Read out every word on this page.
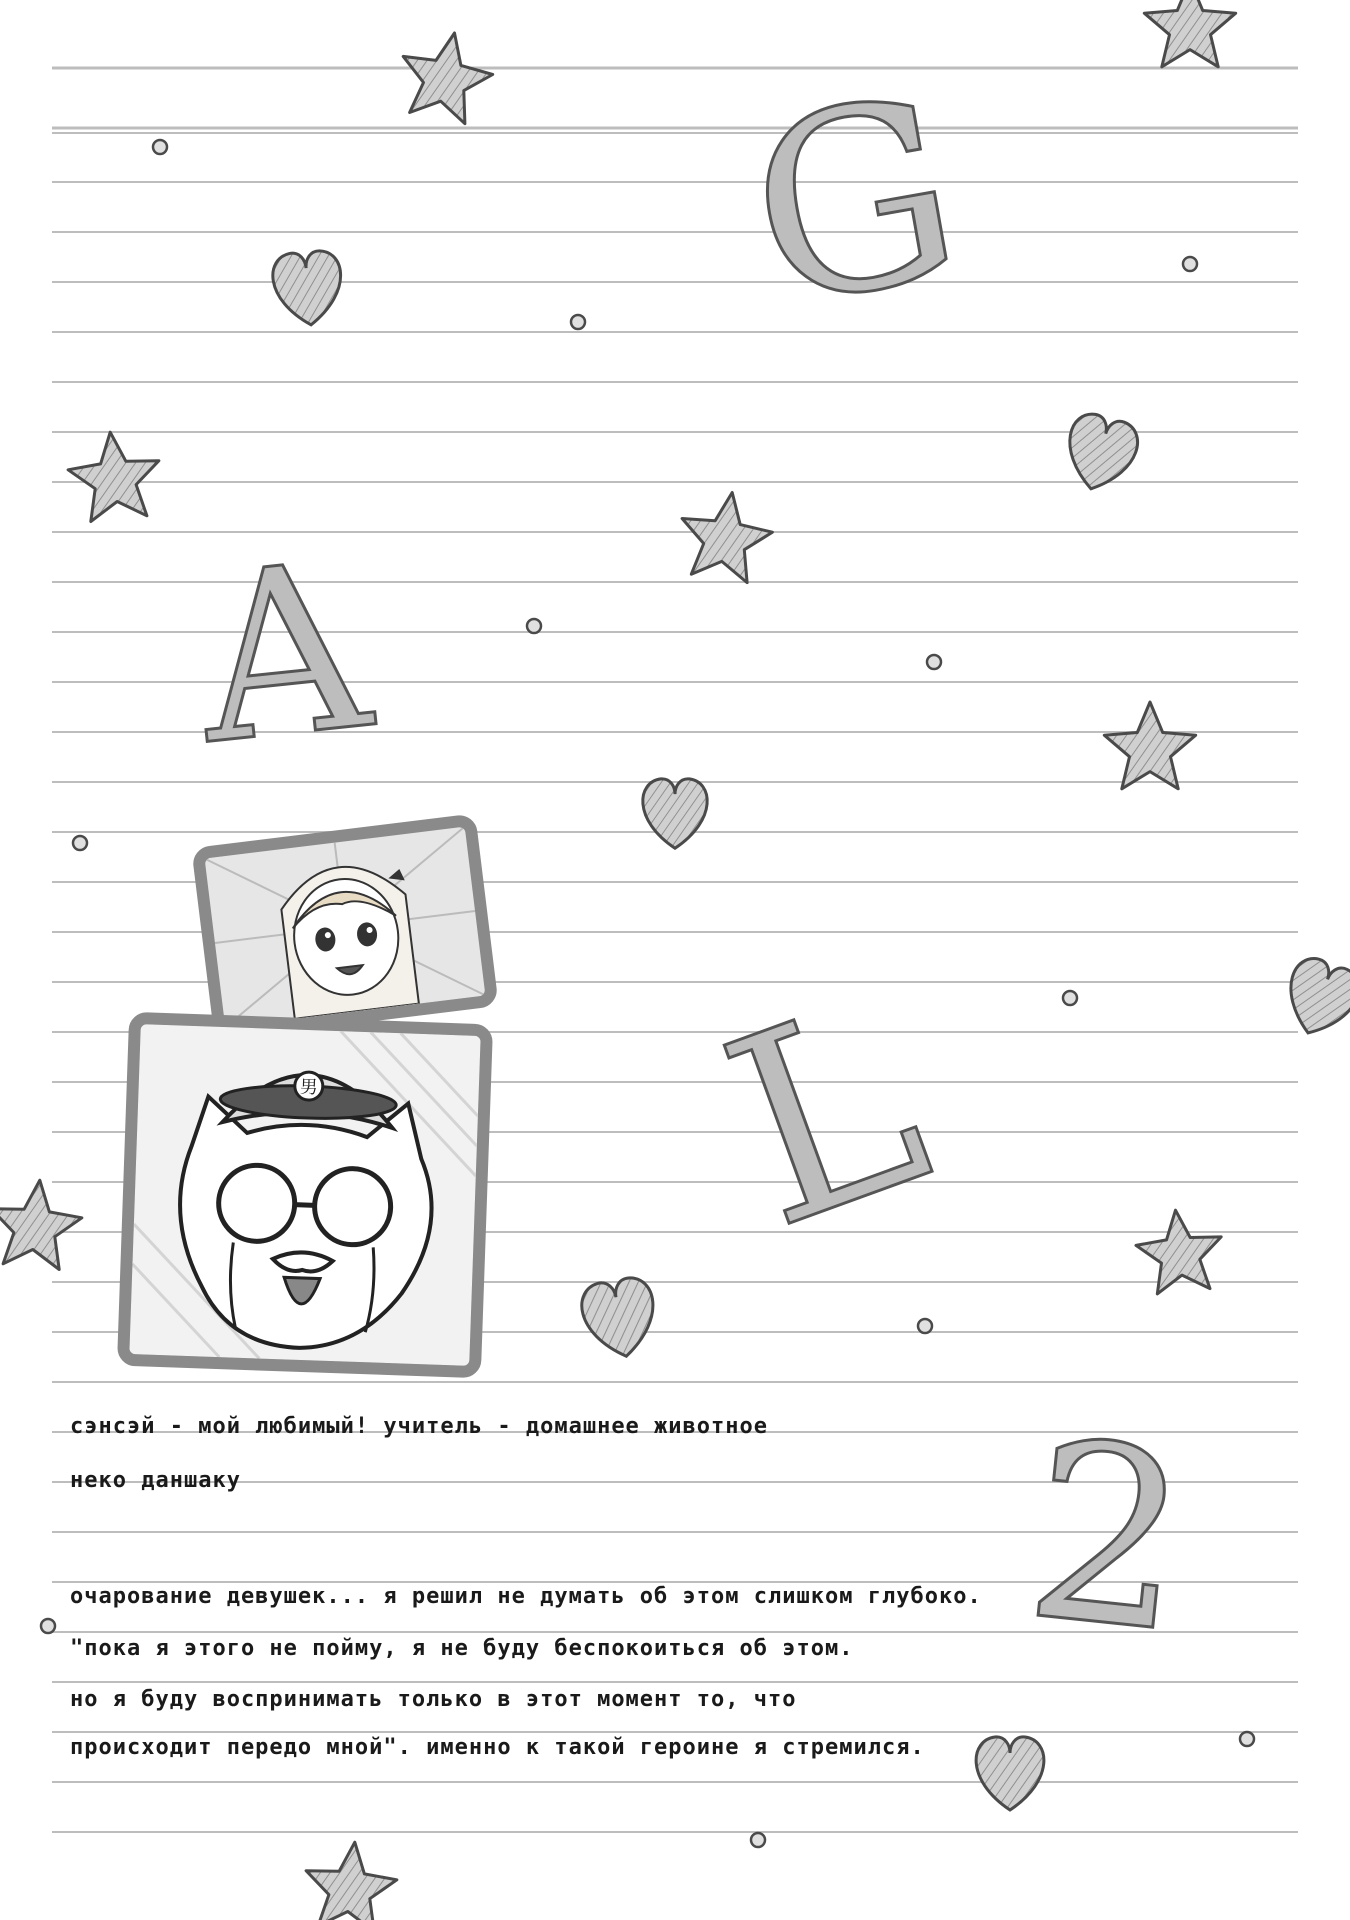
G
A
L
2
男
сэнсэй - мой любимый! учитель - домашнее животное
неко даншаку
очарование девушек... я решил не думать об этом слишком глубоко.
"пока я этого не пойму, я не буду беспокоиться об этом.
но я буду воспринимать только в этот момент то, что
происходит передо мной". именно к такой героине я стремился.
